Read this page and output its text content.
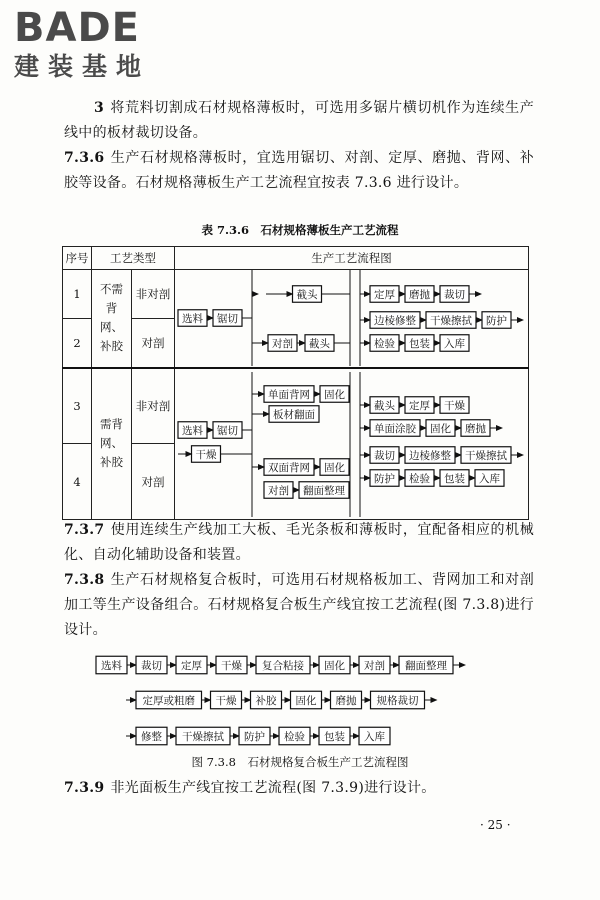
BADE
建装基地

3 将荒料切割成石材规格薄板时，可选用多锯片横切机作为连续生产线中的板材裁切设备。

7.3.6 生产石材规格薄板时，宜选用锯切、对剖、定厚、磨抛、背网、补胶等设备。石材规格薄板生产工艺流程宜按表 7.3.6 进行设计。

表 7.3.6　石材规格薄板生产工艺流程
序号	工艺类型		生产工艺流程图
1	不需背网、补胶	非对剖	
2		对剖	
3	需背网、补胶	非对剖	
4		对剖	

7.3.7 使用连续生产线加工大板、毛光条板和薄板时，宜配备相应的机械化、自动化辅助设备和装置。

7.3.8 生产石材规格复合板时，可选用石材规格板加工、背网加工和对剖加工等生产设备组合。石材规格复合板生产线宜按工艺流程(图 7.3.8)进行设计。

图 7.3.8　石材规格复合板生产工艺流程图

7.3.9 非光面板生产线宜按工艺流程(图 7.3.9)进行设计。

· 25 ·
选料 锯切
截头
对剖 截头
定厚 磨抛 裁切
边棱修整 干燥擦拭 防护
检验 包装 入库
选料 锯切
干燥
单面背网 固化
板材翻面
双面背网 固化
对剖 翻面整理
截头 定厚 干燥
单面涂胶 固化 磨抛
裁切 边棱修整 干燥擦拭
防护 检验 包装 入库
选料 裁切 定厚 干燥 复合粘接 固化 对剖 翻面整理
定厚或粗磨 干燥 补胶 固化 磨抛 规格裁切
修整 干燥擦拭 防护 检验 包装 入库
